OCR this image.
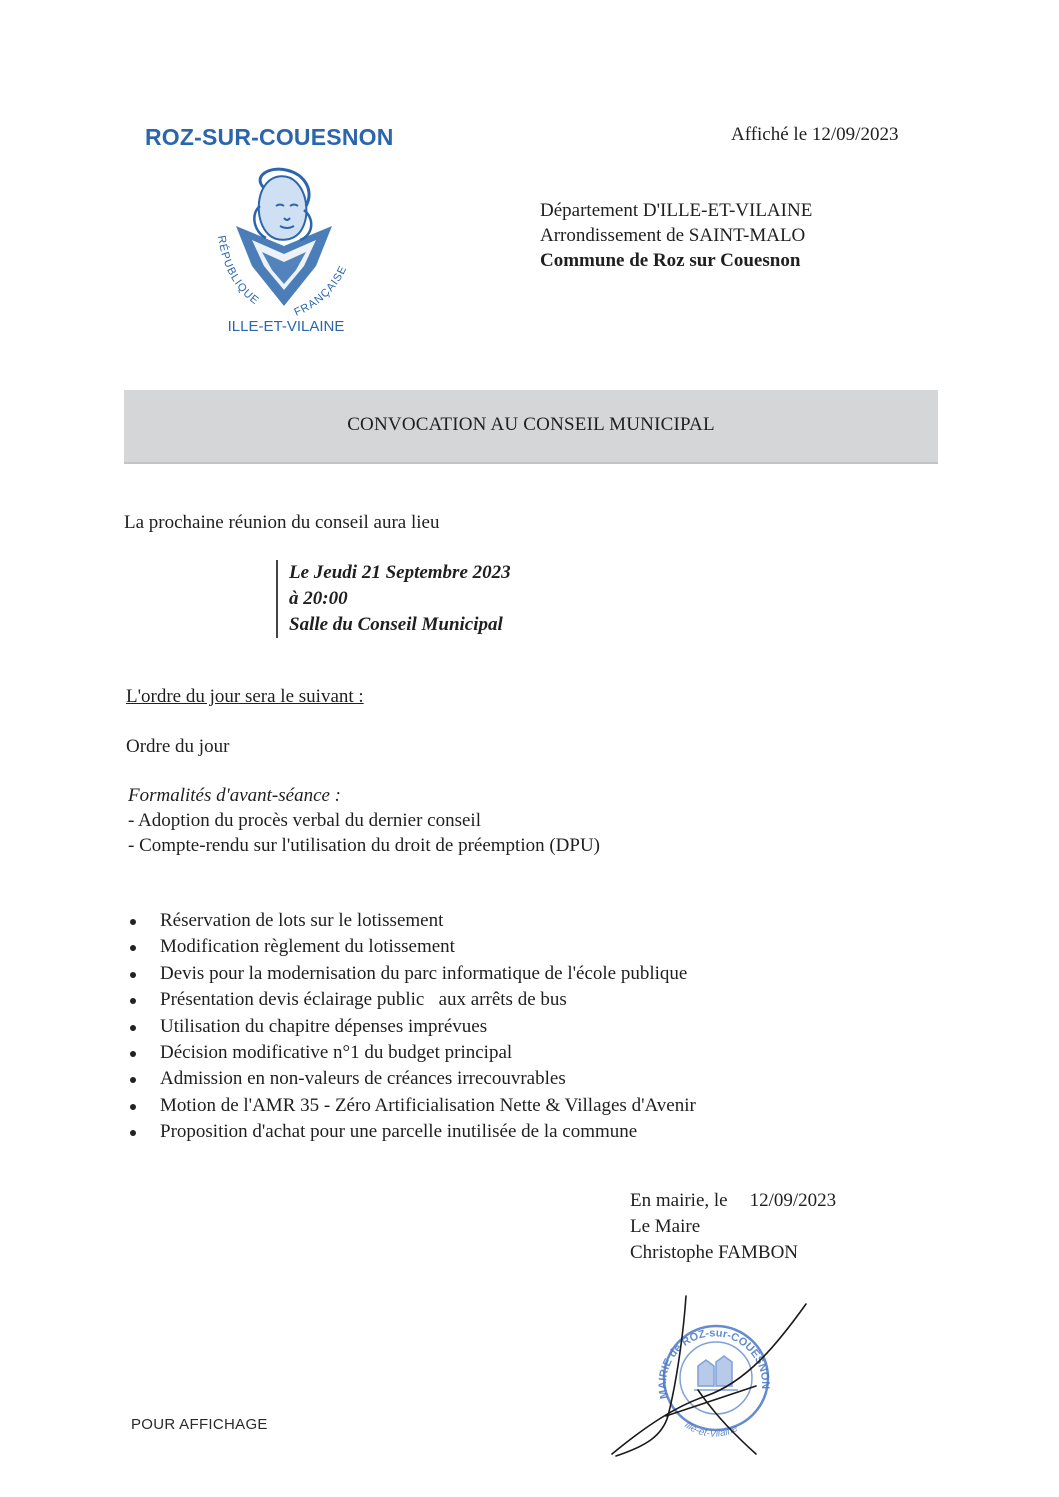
ROZ-SUR-COUESNON
RÉPUBLIQUE
FRANÇAISE
ILLE-ET-VILAINE
Affiché le 12/09/2023
Département D'ILLE-ET-VILAINE
Arrondissement de SAINT-MALO
Commune de Roz sur Couesnon
CONVOCATION AU CONSEIL MUNICIPAL
La prochaine réunion du conseil aura lieu
Le Jeudi 21 Septembre 2023
à 20:00
Salle du Conseil Municipal
L'ordre du jour sera le suivant :
Ordre du jour
Formalités d'avant-séance :
- Adoption du procès verbal du dernier conseil
- Compte-rendu sur l'utilisation du droit de préemption (DPU)
Réservation de lots sur le lotissement
Modification règlement du lotissement
Devis pour la modernisation du parc informatique de l'école publique
Présentation devis éclairage public   aux arrêts de bus
Utilisation du chapitre dépenses imprévues
Décision modificative n°1 du budget principal
Admission en non-valeurs de créances irrecouvrables
Motion de l'AMR 35 - Zéro Artificialisation Nette & Villages d'Avenir
Proposition d'achat pour une parcelle inutilisée de la commune
En mairie, le 12/09/2023
Le Maire
Christophe FAMBON
MAIRIE de ROZ-sur-COUESNON
Ille-et-Vilaine
POUR AFFICHAGE
